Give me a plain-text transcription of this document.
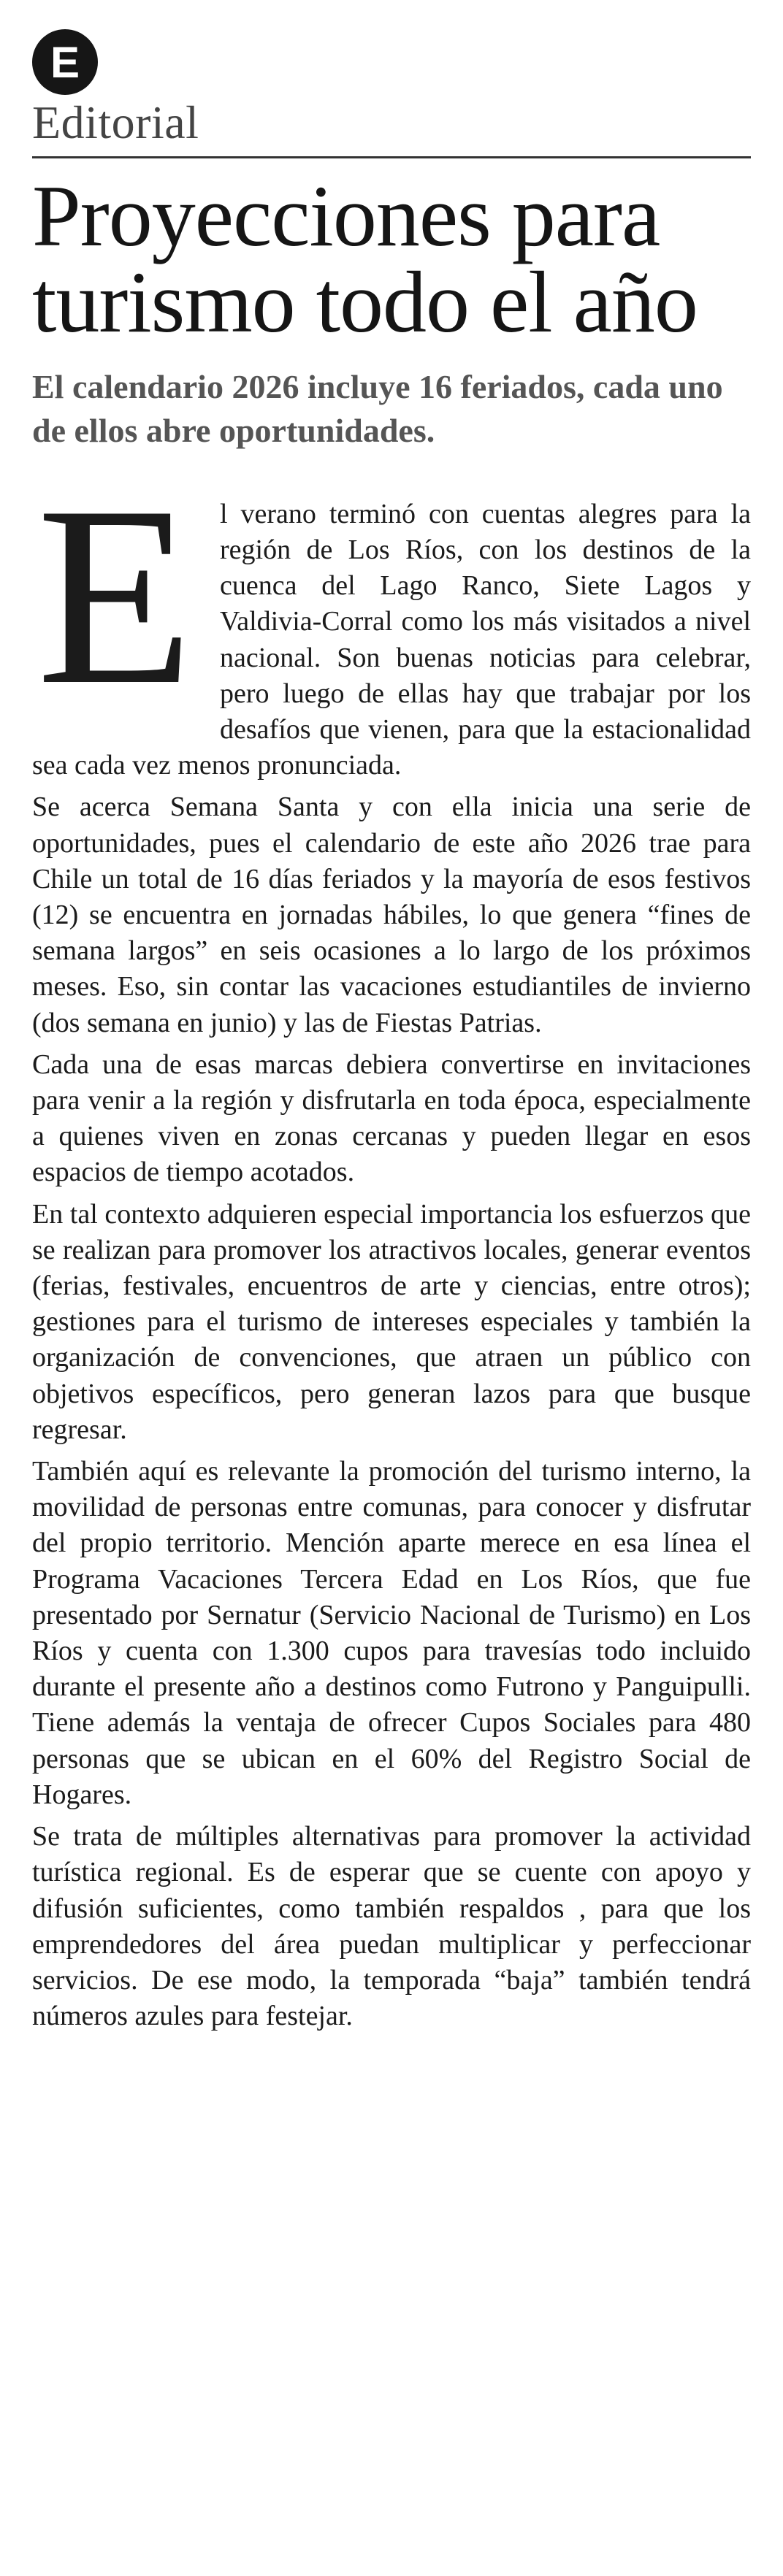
E
Editorial
Proyecciones para turismo todo el año
El calendario 2026 incluye 16 feriados, cada uno de ellos abre oportunidades.

El verano terminó con cuentas alegres para la región de Los Ríos, con los destinos de la cuenca del Lago Ranco, Siete Lagos y Valdivia-Corral como los más visitados a nivel nacional. Son buenas noticias para celebrar, pero luego de ellas hay que trabajar por los desafíos que vienen, para que la estacionalidad sea cada vez menos pronunciada.

Se acerca Semana Santa y con ella inicia una serie de oportunidades, pues el calendario de este año 2026 trae para Chile un total de 16 días feriados y la mayoría de esos festivos (12) se encuentra en jornadas hábiles, lo que genera “fines de semana largos” en seis ocasiones a lo largo de los próximos meses. Eso, sin contar las vacaciones estudiantiles de invierno (dos semana en junio) y las de Fiestas Patrias.

Cada una de esas marcas debiera convertirse en invitaciones para venir a la región y disfrutarla en toda época, especialmente a quienes viven en zonas cercanas y pueden llegar en esos espacios de tiempo acotados.

En tal contexto adquieren especial importancia los esfuerzos que se realizan para promover los atractivos locales, generar eventos (ferias, festivales, encuentros de arte y ciencias, entre otros); gestiones para el turismo de intereses especiales y también la organización de convenciones, que atraen un público con objetivos específicos, pero generan lazos para que busque regresar.

También aquí es relevante la promoción del turismo interno, la movilidad de personas entre comunas, para conocer y disfrutar del propio territorio. Mención aparte merece en esa línea el Programa Vacaciones Tercera Edad en Los Ríos, que fue presentado por Sernatur (Servicio Nacional de Turismo) en Los Ríos y cuenta con 1.300 cupos para travesías todo incluido durante el presente año a destinos como Futrono y Panguipulli. Tiene además la ventaja de ofrecer Cupos Sociales para 480 personas que se ubican en el 60% del Registro Social de Hogares.

Se trata de múltiples alternativas para promover la actividad turística regional. Es de esperar que se cuente con apoyo y difusión suficientes, como también respaldos , para que los emprendedores del área puedan multiplicar y perfeccionar servicios. De ese modo, la temporada “baja” también tendrá números azules para festejar.
